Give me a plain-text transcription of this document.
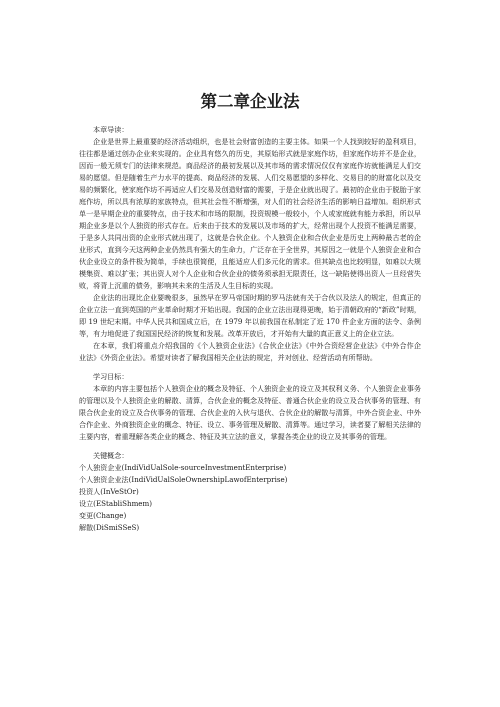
第二章企业法

本章导读：

企业是世界上最重要的经济活动组织，也是社会财富创造的主要主体。如果一个人找到较好的盈利项目，往往都是通过创办企业来实现的。企业具有悠久的历史，其原始形式就是家庭作坊，但家庭作坊并不是企业，因而一般无须专门的法律来规范。商品经济的最初发展以及其市场的需求情况仅仅有家庭作坊就能满足人们交易的愿望。但是随着生产力水平的提高、商品经济的发展、人们交易愿望的多样化、交易目的的财富化以及交易的频繁化，使家庭作坊不再适应人们交易及创造财富的需要，于是企业就出现了。最初的企业由于脱胎于家庭作坊，所以具有浓厚的家族特点，但其社会性不断增强，对人们的社会经济生活的影响日益增加。组织形式单一是早期企业的重要特点，由于技术和市场的限制，投资规模一般较小，个人或家庭就有能力承担，所以早期企业多是以个人独资的形式存在。后来由于技术的发展以及市场的扩大，经常出现个人投资不能满足需要，于是多人共同出资的企业形式就出现了，这就是合伙企业。个人独资企业和合伙企业是历史上两种最古老的企业形式，直到今天这两种企业仍然具有强大的生命力，广泛存在于全世界，其原因之一就是个人独资企业和合伙企业设立的条件极为简单，手续也很简便，且能适应人们多元化的需求。但其缺点也比较明显，如难以大规模集资、难以扩张；其出资人对个人企业和合伙企业的债务须承担无限责任，这一缺陷使得出资人一旦经营失败，将背上沉重的债务，影响其未来的生活及人生目标的实现。

企业法的出现比企业要晚很多，虽然早在罗马帝国时期的罗马法就有关于合伙以及法人的规定，但真正的企业立法一直到英国的产业革命时期才开始出现。我国的企业立法出现得更晚，始于清朝政府的“新政”时期，即 19 世纪末期。中华人民共和国成立后，在 1979 年以前我国在私制定了近 170 件企业方面的法令、条例等，有力地促进了我国国民经济的恢复和发展。改革开放后，才开始有大量的真正意义上的企业立法。

在本章，我们将重点介绍我国的《个人独资企业法》《合伙企业法》《中外合资经营企业法》《中外合作企业法》《外资企业法》。希望对读者了解我国相关企业法的规定，并对创业、经营活动有所帮助。

学习目标：

本章的内容主要包括个人独资企业的概念及特征、个人独资企业的设立及其权利义务、个人独资企业事务的管理以及个人独资企业的解散、清算，合伙企业的概念及特征、普通合伙企业的设立及合伙事务的管理、有限合伙企业的设立及合伙事务的管理、合伙企业的入伙与退伙、合伙企业的解散与清算，中外合资企业、中外合作企业、外商独资企业的概念、特征、设立、事务管理及解散、清算等。通过学习，读者要了解相关法律的主要内容，着重理解各类企业的概念、特征及其立法的意义，掌握各类企业的设立及其事务的管理。

关键概念：

个人独资企业(IndiVidUalSole-sourceInvestmentEnterprise)

个人独资企业法(IndiVidUalSoleOwnershipLawofEnterprise)

投资人(InVeStOr)

设立(EStabliShmem)

变更(Change)

解散(DiSmiSSeS)
